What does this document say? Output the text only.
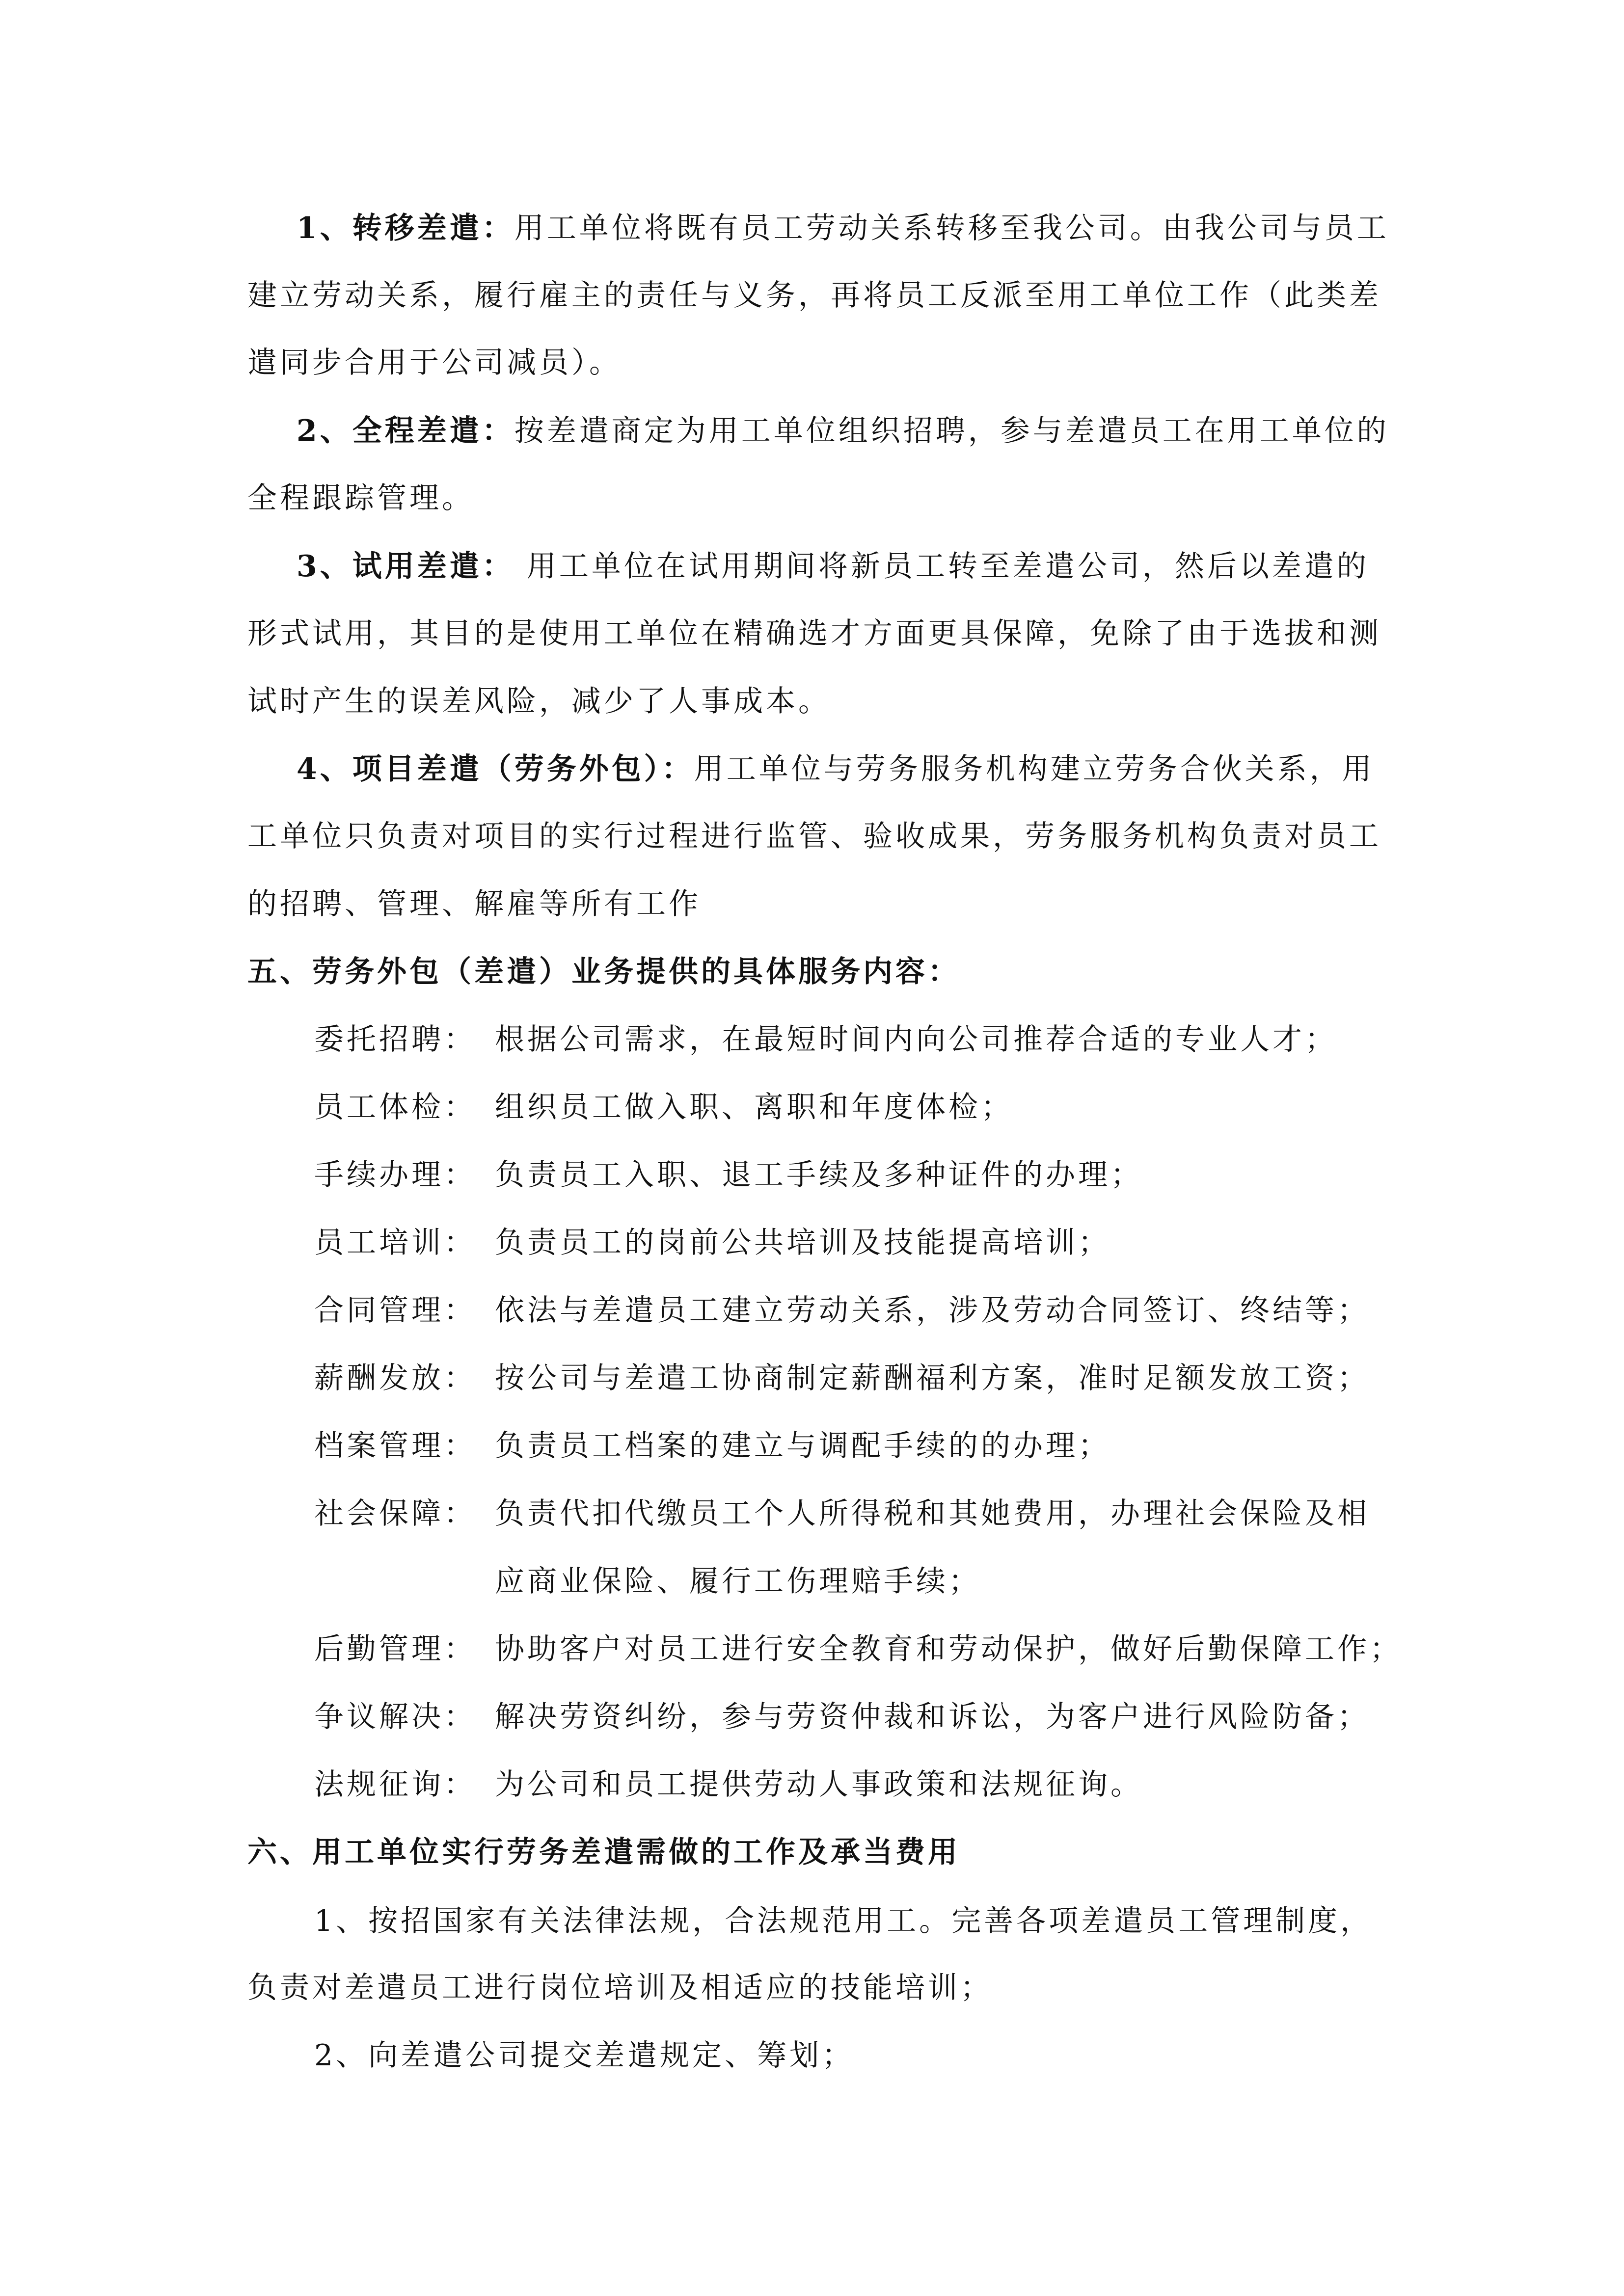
1、转移差遣：用工单位将既有员工劳动关系转移至我公司。由我公司与员工
建立劳动关系，履行雇主的责任与义务，再将员工反派至用工单位工作（此类差
遣同步合用于公司减员）。
2、全程差遣：按差遣商定为用工单位组织招聘，参与差遣员工在用工单位的
全程跟踪管理。
3、试用差遣： 用工单位在试用期间将新员工转至差遣公司，然后以差遣的
形式试用，其目的是使用工单位在精确选才方面更具保障，免除了由于选拔和测
试时产生的误差风险，减少了人事成本。
4、项目差遣（劳务外包）：用工单位与劳务服务机构建立劳务合伙关系，用
工单位只负责对项目的实行过程进行监管、验收成果，劳务服务机构负责对员工
的招聘、管理、解雇等所有工作
五、劳务外包（差遣）业务提供的具体服务内容：
委托招聘： 根据公司需求，在最短时间内向公司推荐合适的专业人才；
员工体检： 组织员工做入职、离职和年度体检；
手续办理： 负责员工入职、退工手续及多种证件的办理；
员工培训： 负责员工的岗前公共培训及技能提高培训；
合同管理： 依法与差遣员工建立劳动关系，涉及劳动合同签订、终结等；
薪酬发放： 按公司与差遣工协商制定薪酬福利方案，准时足额发放工资；
档案管理： 负责员工档案的建立与调配手续的的办理；
社会保障： 负责代扣代缴员工个人所得税和其她费用，办理社会保险及相
应商业保险、履行工伤理赔手续；
后勤管理： 协助客户对员工进行安全教育和劳动保护，做好后勤保障工作；
争议解决： 解决劳资纠纷，参与劳资仲裁和诉讼，为客户进行风险防备；
法规征询： 为公司和员工提供劳动人事政策和法规征询。
六、用工单位实行劳务差遣需做的工作及承当费用
1、按招国家有关法律法规，合法规范用工。完善各项差遣员工管理制度，
负责对差遣员工进行岗位培训及相适应的技能培训；
2、向差遣公司提交差遣规定、筹划；
